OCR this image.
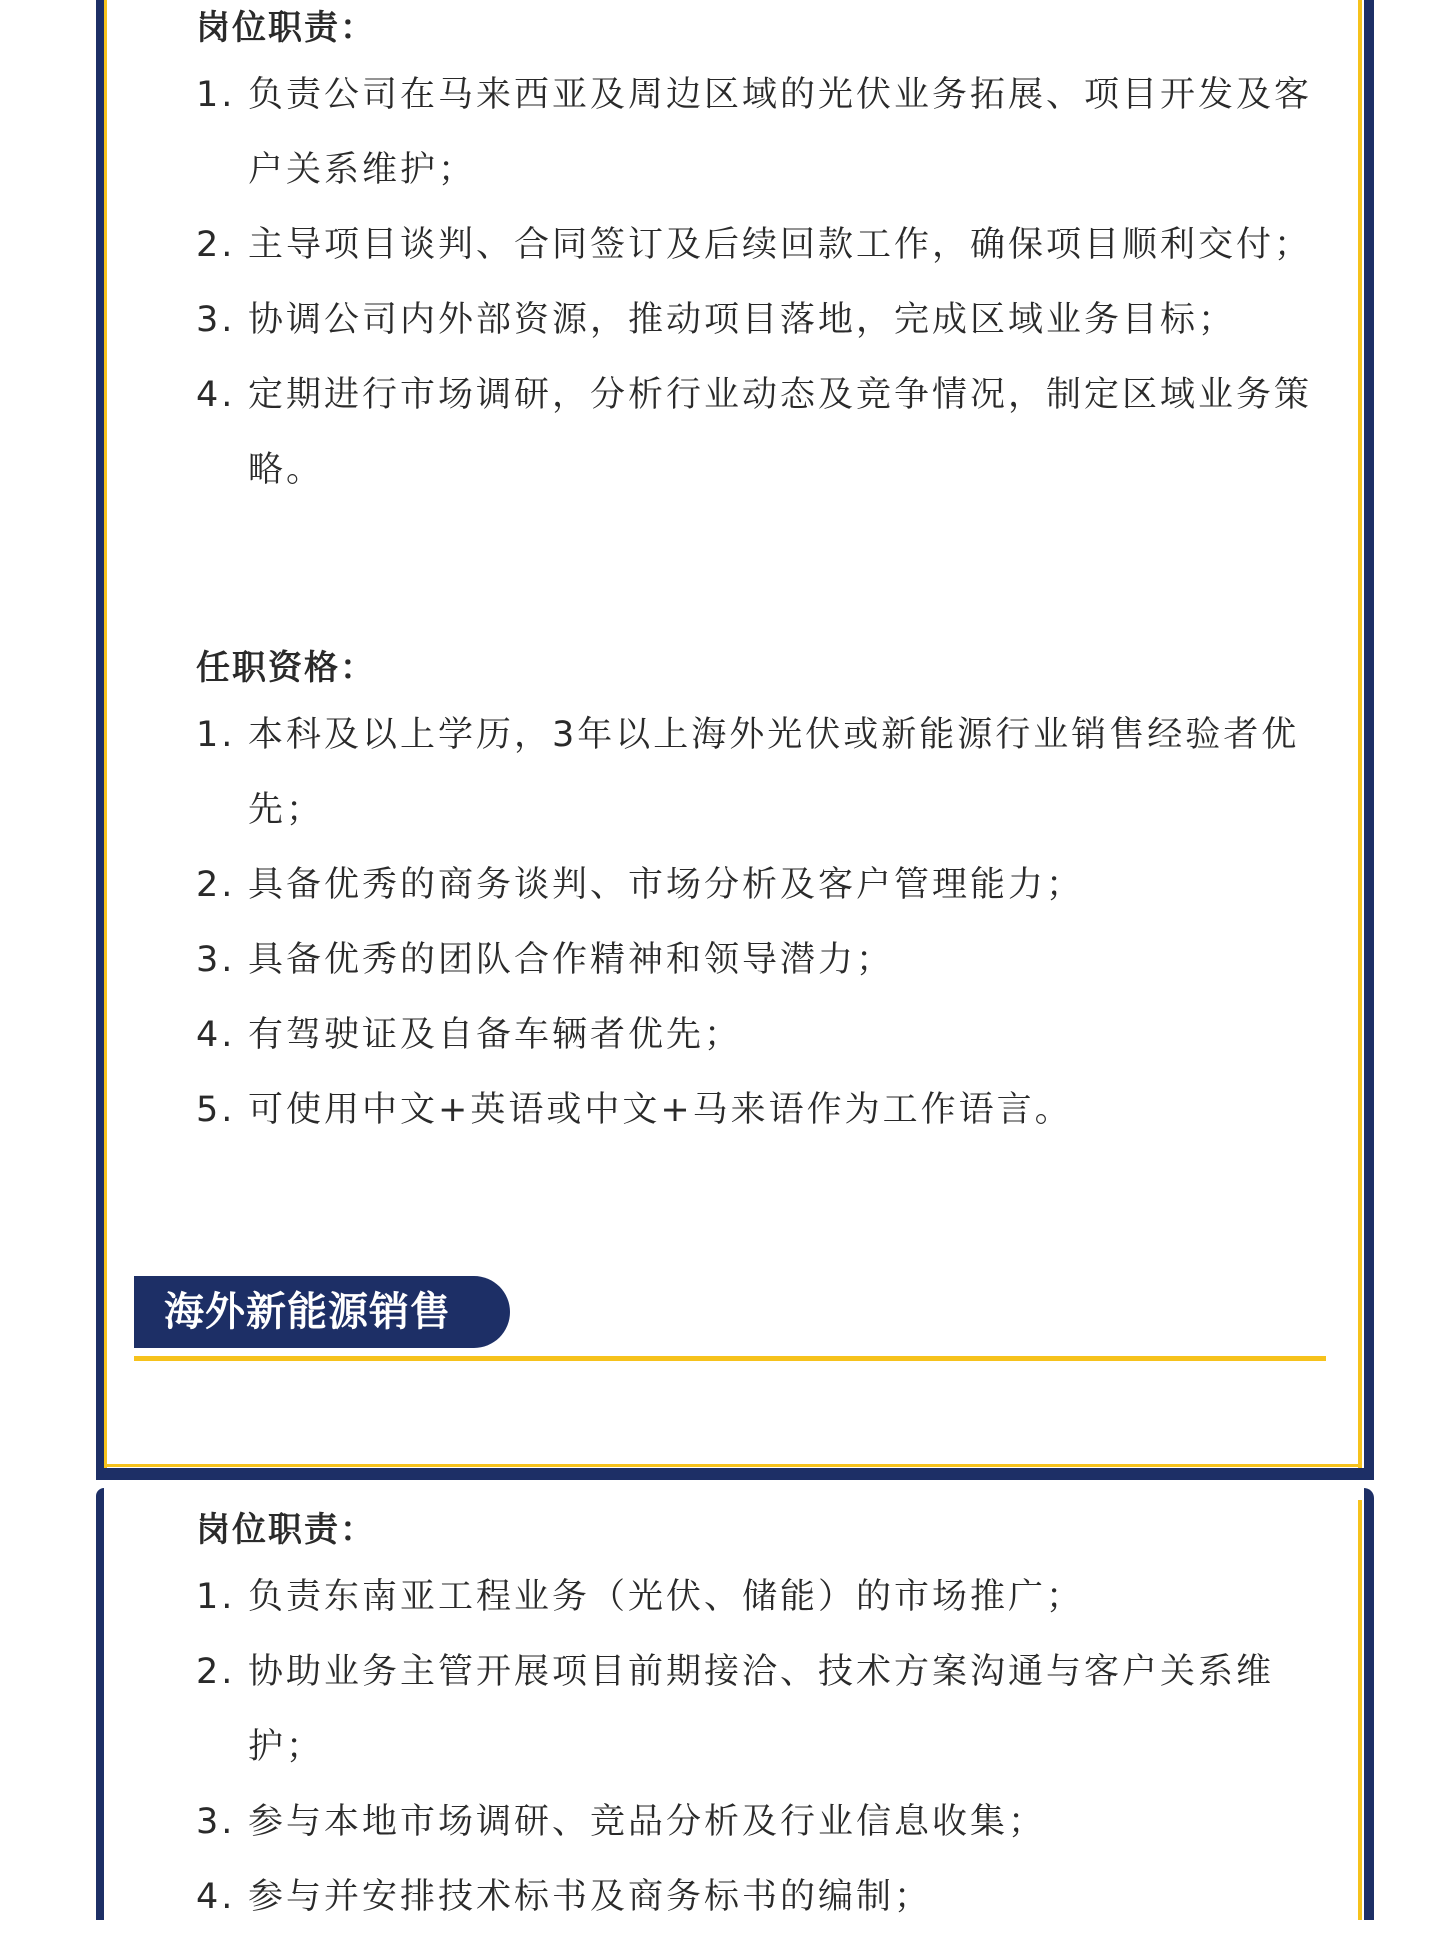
岗位职责：
1. 负责公司在马来西亚及周边区域的光伏业务拓展、项目开发及客户关系维护；
2. 主导项目谈判、合同签订及后续回款工作，确保项目顺利交付；
3. 协调公司内外部资源，推动项目落地，完成区域业务目标；
4. 定期进行市场调研，分析行业动态及竞争情况，制定区域业务策略。
任职资格：
1. 本科及以上学历，3年以上海外光伏或新能源行业销售经验者优先；
2. 具备优秀的商务谈判、市场分析及客户管理能力；
3. 具备优秀的团队合作精神和领导潜力；
4. 有驾驶证及自备车辆者优先；
5. 可使用中文+英语或中文+马来语作为工作语言。
海外新能源销售
岗位职责：
1. 负责东南亚工程业务（光伏、储能）的市场推广；
2. 协助业务主管开展项目前期接洽、技术方案沟通与客户关系维护；
3. 参与本地市场调研、竞品分析及行业信息收集；
4. 参与并安排技术标书及商务标书的编制；
